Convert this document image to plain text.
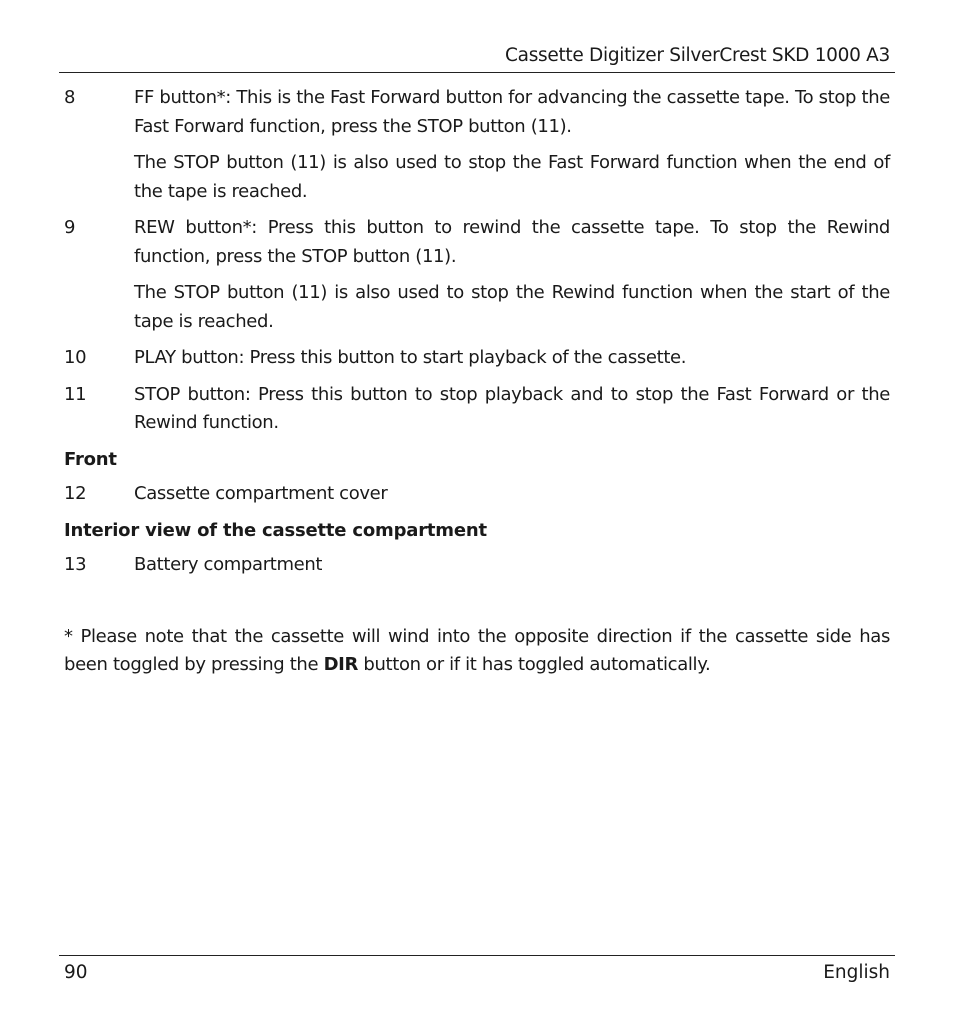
Cassette Digitizer SilverCrest SKD 1000 A3
8	FF button*: This is the Fast Forward button for advancing the cassette tape. To stop the Fast Forward function, press the STOP button (11).
The STOP button (11) is also used to stop the Fast Forward function when the end of the tape is reached.
9	REW button*: Press this button to rewind the cassette tape. To stop the Rewind function, press the STOP button (11).
The STOP button (11) is also used to stop the Rewind function when the start of the tape is reached.
10	PLAY button: Press this button to start playback of the cassette.
11	STOP button: Press this button to stop playback and to stop the Fast Forward or the Rewind function.
Front
12	Cassette compartment cover
Interior view of the cassette compartment
13	Battery compartment
* Please note that the cassette will wind into the opposite direction if the cassette side has been toggled by pressing the DIR button or if it has toggled automatically.
90	English
